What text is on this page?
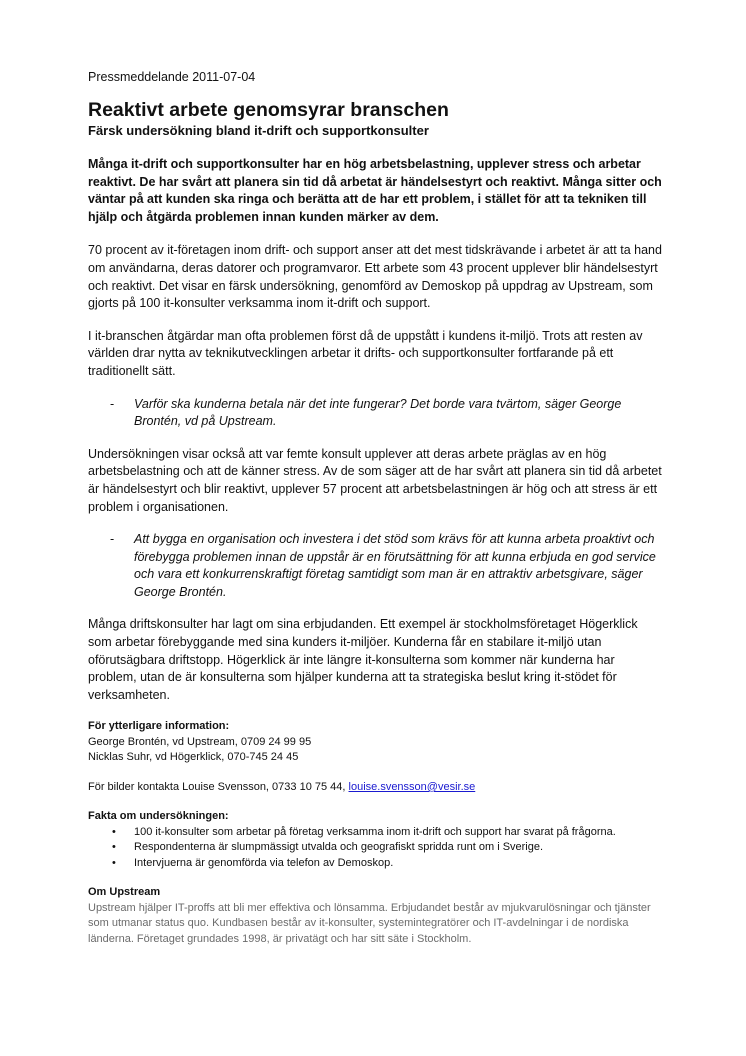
Pressmeddelande 2011-07-04
Reaktivt arbete genomsyrar branschen
Färsk undersökning bland it-drift och supportkonsulter

Många it-drift och supportkonsulter har en hög arbetsbelastning, upplever stress och arbetar reaktivt. De har svårt att planera sin tid då arbetat är händelsestyrt och reaktivt. Många sitter och väntar på att kunden ska ringa och berätta att de har ett problem, i stället för att ta tekniken till hjälp och åtgärda problemen innan kunden märker av dem.

70 procent av it-företagen inom drift- och support anser att det mest tidskrävande i arbetet är att ta hand om användarna, deras datorer och programvaror. Ett arbete som 43 procent upplever blir händelsestyrt och reaktivt. Det visar en färsk undersökning, genomförd av Demoskop på uppdrag av Upstream, som gjorts på 100 it-konsulter verksamma inom it-drift och support.

I it-branschen åtgärdar man ofta problemen först då de uppstått i kundens it-miljö. Trots att resten av världen drar nytta av teknikutvecklingen arbetar it drifts- och supportkonsulter fortfarande på ett traditionellt sätt.

-	Varför ska kunderna betala när det inte fungerar? Det borde vara tvärtom, säger George Brontén, vd på Upstream.

Undersökningen visar också att var femte konsult upplever att deras arbete präglas av en hög arbetsbelastning och att de känner stress. Av de som säger att de har svårt att planera sin tid då arbetet är händelsestyrt och blir reaktivt, upplever 57 procent att arbetsbelastningen är hög och att stress är ett problem i organisationen.

-	Att bygga en organisation och investera i det stöd som krävs för att kunna arbeta proaktivt och förebygga problemen innan de uppstår är en förutsättning för att kunna erbjuda en god service och vara ett konkurrenskraftigt företag samtidigt som man är en attraktiv arbetsgivare, säger George Brontén.

Många driftskonsulter har lagt om sina erbjudanden. Ett exempel är stockholmsföretaget Högerklick som arbetar förebyggande med sina kunders it-miljöer. Kunderna får en stabilare it-miljö utan oförutsägbara driftstopp. Högerklick är inte längre it-konsulterna som kommer när kunderna har problem, utan de är konsulterna som hjälper kunderna att ta strategiska beslut kring it-stödet för verksamheten.

För ytterligare information:
George Brontén, vd Upstream, 0709 24 99 95
Nicklas Suhr, vd Högerklick, 070-745 24 45
För bilder kontakta Louise Svensson, 0733 10 75 44, louise.svensson@vesir.se
Fakta om undersökningen:
•	100 it-konsulter som arbetar på företag verksamma inom it-drift och support har svarat på frågorna.
•	Respondenterna är slumpmässigt utvalda och geografiskt spridda runt om i Sverige.
•	Intervjuerna är genomförda via telefon av Demoskop.
Om Upstream
Upstream hjälper IT-proffs att bli mer effektiva och lönsamma. Erbjudandet består av mjukvarulösningar och tjänster som utmanar status quo. Kundbasen består av it-konsulter, systemintegratörer och IT-avdelningar i de nordiska länderna. Företaget grundades 1998, är privatägt och har sitt säte i Stockholm.
